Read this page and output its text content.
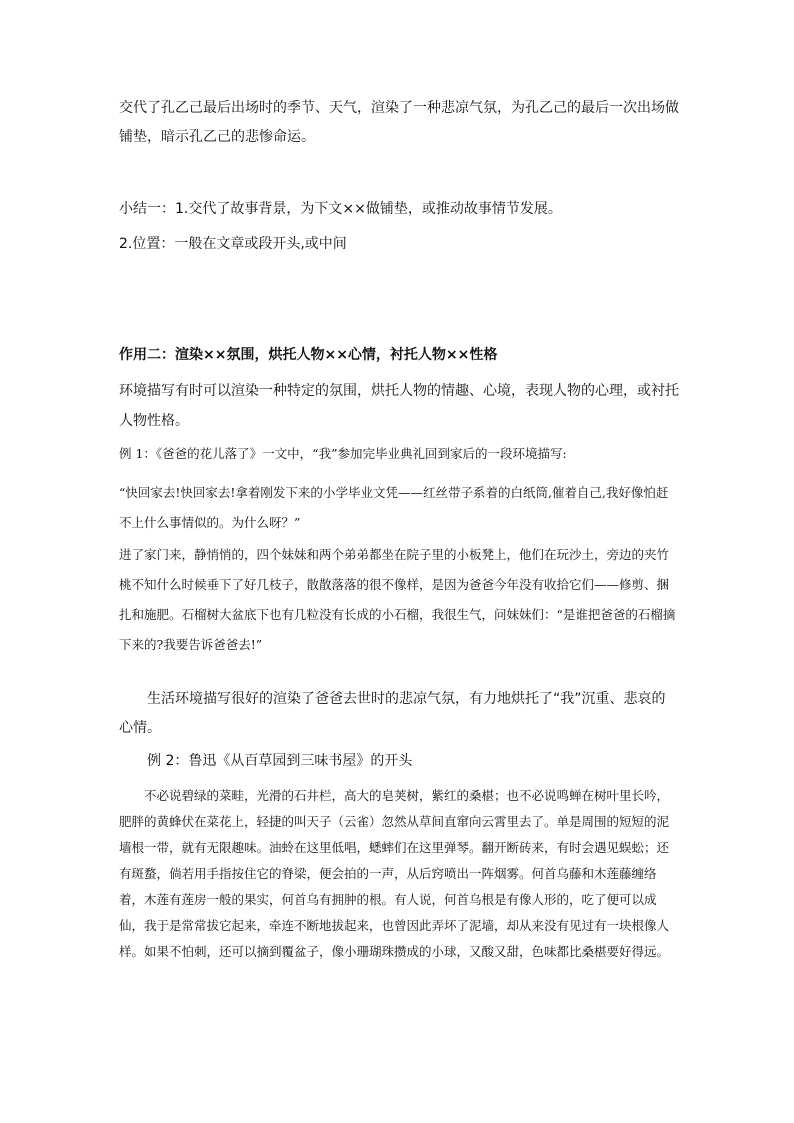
交代了孔乙己最后出场时的季节、天气，渲染了一种悲凉气氛，为孔乙己的最后一次出场做铺垫，暗示孔乙己的悲惨命运。

小结一：1.交代了故事背景，为下文××做铺垫，或推动故事情节发展。

2.位置：一般在文章或段开头,或中间

作用二：渲染××氛围，烘托人物××心情，衬托人物××性格

环境描写有时可以渲染一种特定的氛围，烘托人物的情趣、心境，表现人物的心理，或衬托人物性格。

例 1：《爸爸的花儿落了》一文中，“我”参加完毕业典礼回到家后的一段环境描写:

“快回家去!快回家去!拿着刚发下来的小学毕业文凭——红丝带子系着的白纸筒,催着自己,我好像怕赶不上什么事情似的。为什么呀？”

进了家门来，静悄悄的，四个妹妹和两个弟弟都坐在院子里的小板凳上，他们在玩沙土，旁边的夹竹桃不知什么时候垂下了好几枝子，散散落落的很不像样，是因为爸爸今年没有收拾它们——修剪、捆扎和施肥。石榴树大盆底下也有几粒没有长成的小石榴，我很生气，问妹妹们：“是谁把爸爸的石榴摘下来的?我要告诉爸爸去!”

生活环境描写很好的渲染了爸爸去世时的悲凉气氛，有力地烘托了“我”沉重、悲哀的心情。

例 2：鲁迅《从百草园到三味书屋》的开头

不必说碧绿的菜畦，光滑的石井栏，高大的皂荚树，紫红的桑椹；也不必说鸣蝉在树叶里长吟，肥胖的黄蜂伏在菜花上，轻捷的叫天子（云雀）忽然从草间直窜向云霄里去了。单是周围的短短的泥墙根一带，就有无限趣味。油蛉在这里低唱，蟋蟀们在这里弹琴。翻开断砖来，有时会遇见蜈蚣；还有斑蝥，倘若用手指按住它的脊梁，便会拍的一声，从后窍喷出一阵烟雾。何首乌藤和木莲藤缠络着，木莲有莲房一般的果实，何首乌有拥肿的根。有人说，何首乌根是有像人形的，吃了便可以成仙，我于是常常拔它起来，牵连不断地拔起来，也曾因此弄坏了泥墙，却从来没有见过有一块根像人样。如果不怕刺，还可以摘到覆盆子，像小珊瑚珠攒成的小球，又酸又甜，色味都比桑椹要好得远。
